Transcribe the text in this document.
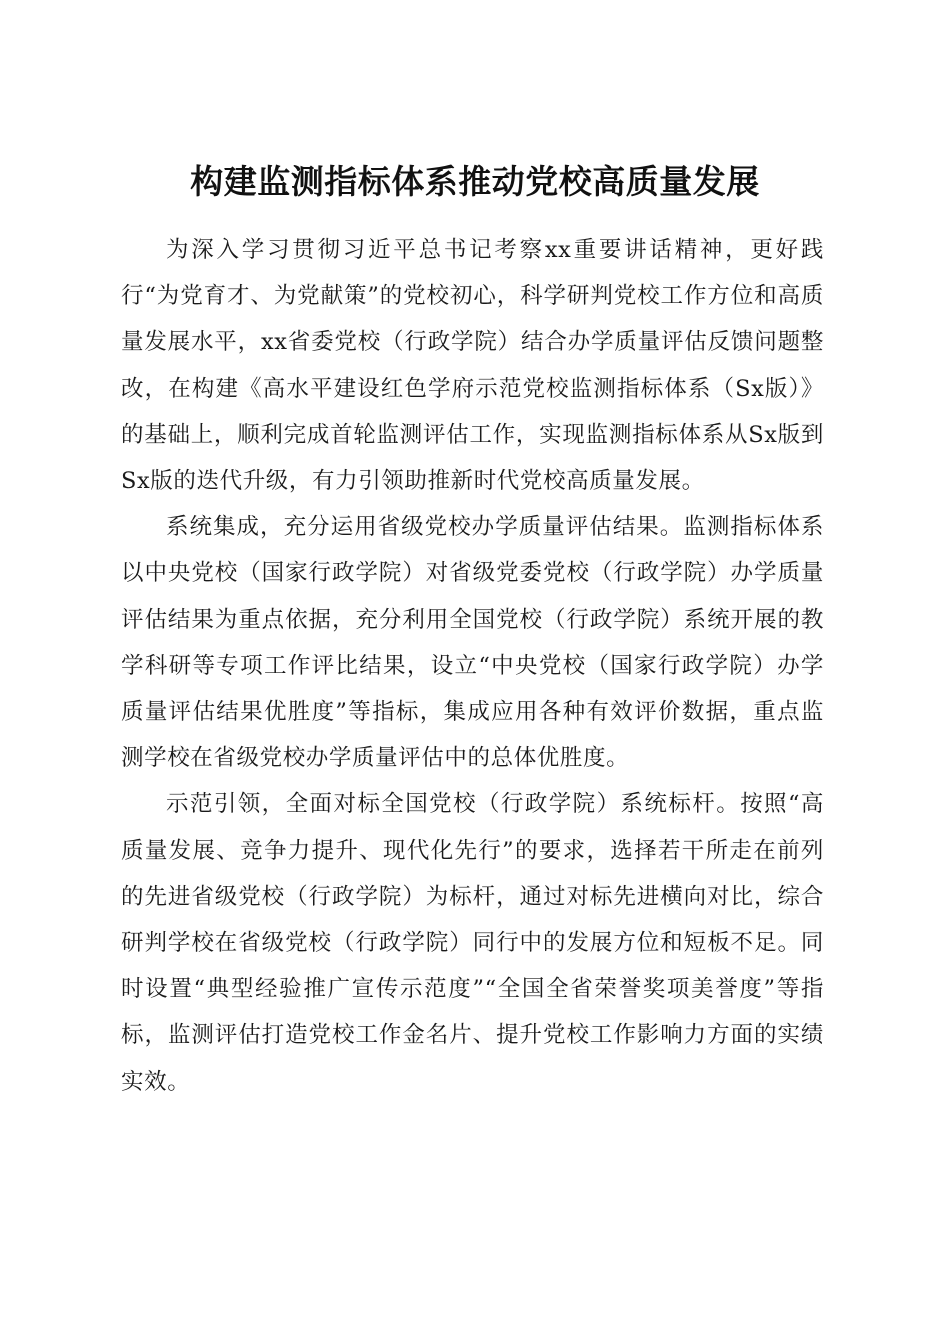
构建监测指标体系推动党校高质量发展

为深入学习贯彻习近平总书记考察xx重要讲话精神，更好践行“为党育才、为党献策”的党校初心，科学研判党校工作方位和高质量发展水平，xx省委党校（行政学院）结合办学质量评估反馈问题整改，在构建《高水平建设红色学府示范党校监测指标体系（Sx版）》的基础上，顺利完成首轮监测评估工作，实现监测指标体系从Sx版到Sx版的迭代升级，有力引领助推新时代党校高质量发展。

系统集成，充分运用省级党校办学质量评估结果。监测指标体系以中央党校（国家行政学院）对省级党委党校（行政学院）办学质量评估结果为重点依据，充分利用全国党校（行政学院）系统开展的教学科研等专项工作评比结果，设立“中央党校（国家行政学院）办学质量评估结果优胜度”等指标，集成应用各种有效评价数据，重点监测学校在省级党校办学质量评估中的总体优胜度。

示范引领，全面对标全国党校（行政学院）系统标杆。按照“高质量发展、竞争力提升、现代化先行”的要求，选择若干所走在前列的先进省级党校（行政学院）为标杆，通过对标先进横向对比，综合研判学校在省级党校（行政学院）同行中的发展方位和短板不足。同时设置“典型经验推广宣传示范度”“全国全省荣誉奖项美誉度”等指标，监测评估打造党校工作金名片、提升党校工作影响力方面的实绩实效。
